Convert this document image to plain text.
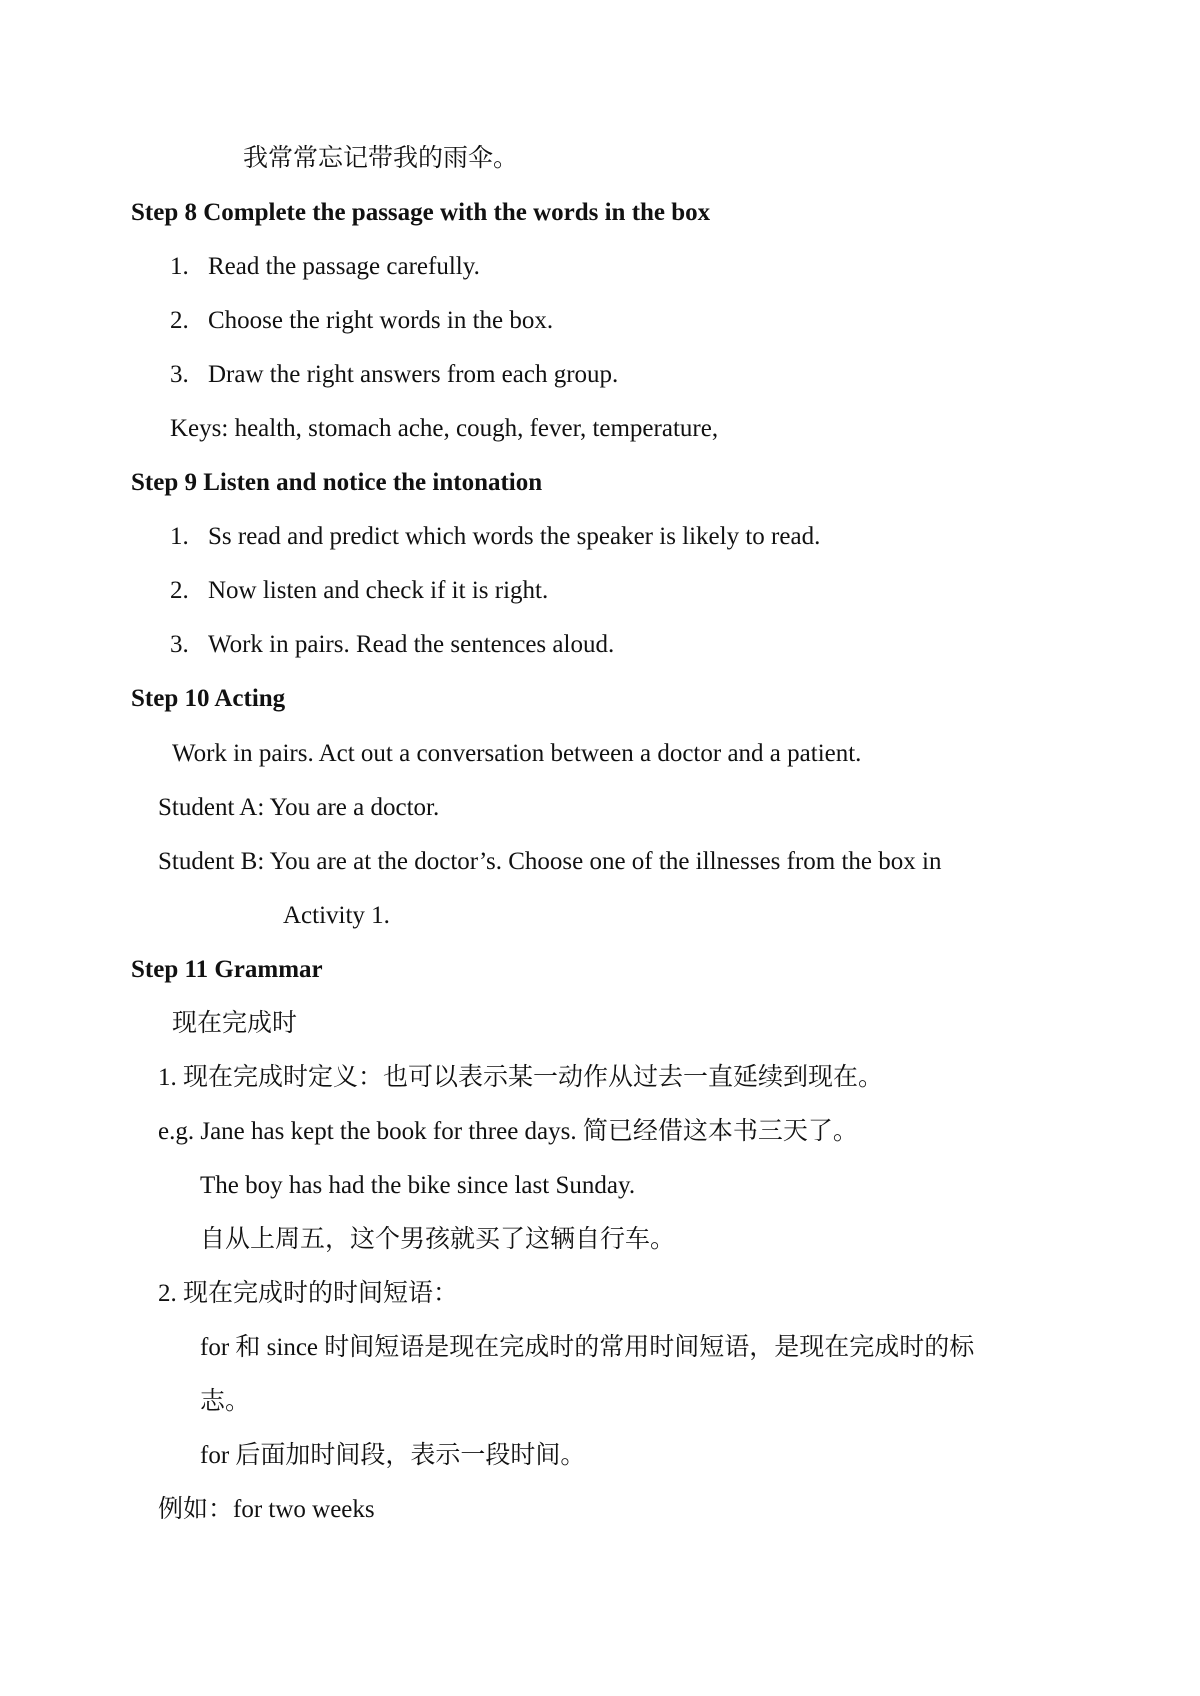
我常常忘记带我的雨伞。
Step 8 Complete the passage with the words in the box
1. Read the passage carefully.
2. Choose the right words in the box.
3. Draw the right answers from each group.
Keys: health, stomach ache, cough, fever, temperature,
Step 9 Listen and notice the intonation
1. Ss read and predict which words the speaker is likely to read.
2. Now listen and check if it is right.
3. Work in pairs. Read the sentences aloud.
Step 10 Acting
Work in pairs. Act out a conversation between a doctor and a patient.
Student A: You are a doctor.
Student B: You are at the doctor’s. Choose one of the illnesses from the box in
Activity 1.
Step 11 Grammar
现在完成时
1. 现在完成时定义：也可以表示某一动作从过去一直延续到现在。
e.g. Jane has kept the book for three days. 简已经借这本书三天了。
The boy has had the bike since last Sunday.
自从上周五，这个男孩就买了这辆自行车。
2. 现在完成时的时间短语：
for 和 since 时间短语是现在完成时的常用时间短语，是现在完成时的标
志。
for 后面加时间段，表示一段时间。
例如：for two weeks
